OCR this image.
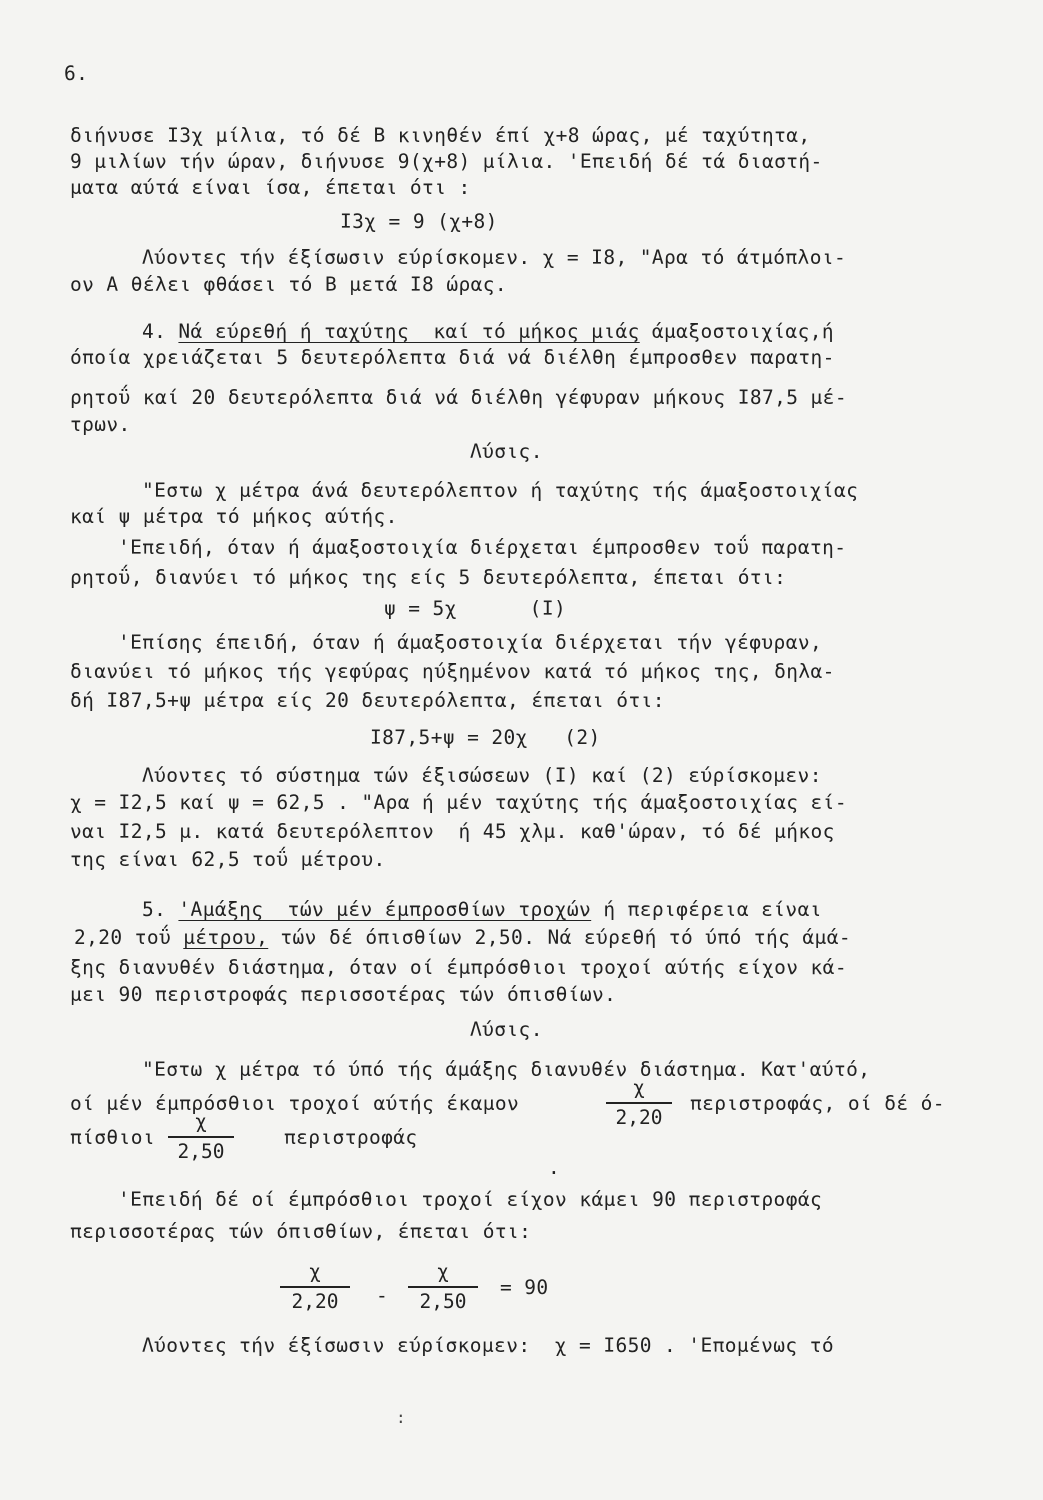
6.
διήνυσε Ι3χ μίλια, τό δέ Β κινηθέν έπί χ+8 ώρας, μέ ταχύτητα,
9 μιλίων τήν ώραν, διήνυσε 9(χ+8) μίλια. 'Επειδή δέ τά διαστή-
ματα αύτά είναι ίσα, έπεται ότι :
Ι3χ = 9 (χ+8)
Λύοντες τήν έξίσωσιν εύρίσκομεν. χ = Ι8, "Αρα τό άτμόπλοι-
ον Α θέλει φθάσει τό Β μετά Ι8 ώρας.
4. Νά εύρεθή ή ταχύτης  καί τό μήκος μιάς άμαξοστοιχίας,ή
όποία χρειάζεται 5 δευτερόλεπτα διά νά διέλθη έμπροσθεν παρατη-
ρητοΰ καί 20 δευτερόλεπτα διά νά διέλθη γέφυραν μήκους Ι87,5 μέ-
τρων.
Λύσις.
"Εστω χ μέτρα άνά δευτερόλεπτον ή ταχύτης τής άμαξοστοιχίας
καί ψ μέτρα τό μήκος αύτής.
'Επειδή, όταν ή άμαξοστοιχία διέρχεται έμπροσθεν τοΰ παρατη-
ρητοΰ, διανύει τό μήκος της είς 5 δευτερόλεπτα, έπεται ότι:
ψ = 5χ      (Ι)
'Επίσης έπειδή, όταν ή άμαξοστοιχία διέρχεται τήν γέφυραν,
διανύει τό μήκος τής γεφύρας ηύξημένον κατά τό μήκος της, δηλα-
δή Ι87,5+ψ μέτρα είς 20 δευτερόλεπτα, έπεται ότι:
Ι87,5+ψ = 20χ   (2)
Λύοντες τό σύστημα τών έξισώσεων (Ι) καί (2) εύρίσκομεν:
χ = Ι2,5 καί ψ = 62,5 . "Αρα ή μέν ταχύτης τής άμαξοστοιχίας εί-
ναι Ι2,5 μ. κατά δευτερόλεπτον  ή 45 χλμ. καθ'ώραν, τό δέ μήκος
της είναι 62,5 τοΰ μέτρου.
5. 'Αμάξης  τών μέν έμπροσθίων τροχών ή περιφέρεια είναι
2,20 τοΰ μέτρου, τών δέ όπισθίων 2,50. Νά εύρεθή τό ύπό τής άμά-
ξης διανυθέν διάστημα, όταν οί έμπρόσθιοι τροχοί αύτής είχον κά-
μει 90 περιστροφάς περισσοτέρας τών όπισθίων.
Λύσις.
"Εστω χ μέτρα τό ύπό τής άμάξης διανυθέν διάστημα. Κατ'αύτό,
οί μέν έμπρόσθιοι τροχοί αύτής έκαμον
χ
2,20
περιστροφάς, οί δέ ό-
πίσθιοι
χ
2,50
περιστροφάς
.
'Επειδή δέ οί έμπρόσθιοι τροχοί είχον κάμει 90 περιστροφάς
περισσοτέρας τών όπισθίων, έπεται ότι:
χ
2,20	-
χ
2,50
= 90
Λύοντες τήν έξίσωσιν εύρίσκομεν:  χ = Ι650 . 'Επομένως τό
:
